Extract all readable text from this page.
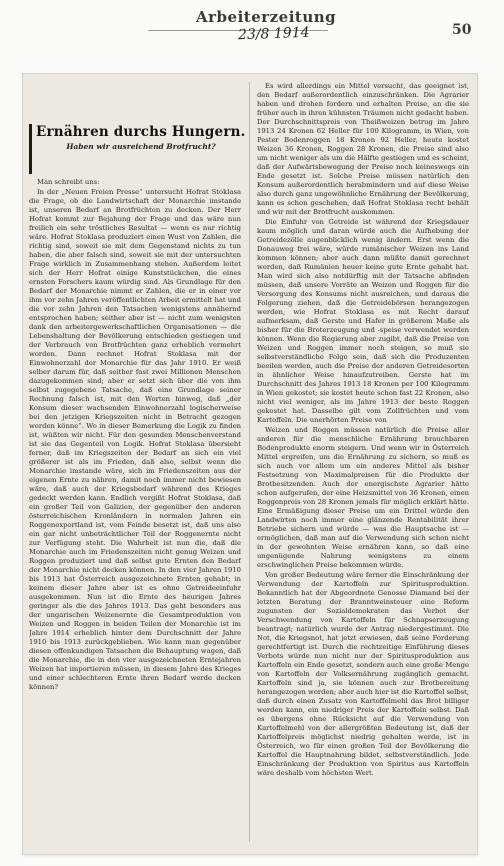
Arbeiterzeitung
23/8 1914	50
Ernähren durchs Hungern.
Haben wir ausreichend Brotfrucht?

Man schreibt uns:

In der „Neuen Freien Presse“ untersucht Hofrat Stoklasa die Frage, ob die Landwirtschaft der Monarchie imstande ist, unseren Bedarf an Brotfrüchten zu decken. Der Herr Hofrat kommt zur Bejahung der Frage und das wäre nun freilich ein sehr tröstliches Resultat — wenn es nur richtig wäre. Hofrat Stoklasa produziert einen Wust von Zahlen, die richtig sind, soweit sie mit dem Gegenstand nichts zu tun haben, die aber falsch sind, soweit sie mit der untersuchten Frage wirklich in Zusammenhang stehen. Außerdem leitet sich der Herr Hofrat einige Kunststückchen, die eines ernsten Forschers kaum würdig sind. Als Grundlage für den Bedarf der Monarchie nimmt er Zahlen, die er in einer vor ihm vor zehn Jahren veröffentlichten Arbeit ermittelt hat und die vor zehn Jahren den Tatsachen wenigstens annähernd entsprochen haben; seither aber ist — nicht zum wenigsten dank den arbeitergewerkschaftlichen Organisationen — die Lebenshaltung der Bevölkerung entschieden gestiegen und der Verbrauch von Brotfrüchten ganz erheblich vermehrt worden. Dann rechnet Hofrat Stoklasa mit der Einwohnerzahl der Monarchie für das Jahr 1910. Er weiß selber darum für, daß seither fast zwei Millionen Menschen dazugekommen sind; aber er setzt sich über die von ihm selbst zugegebene Tatsache, daß eine Grundlage seiner Rechnung falsch ist, mit den Worten hinweg, daß „der Konsum dieser wachsenden Einwohnerzahl logischerweise bei den jetzigen Kriegszeiten nicht in Betracht gezogen werden könne“. Wo in dieser Bemerkung die Logik zu finden ist, wüßten wir nicht. Für den gesunden Menschenverstand ist sie das Gegenteil von Logik. Hofrat Stoklasa übersieht ferner, daß im Kriegszeiten der Bedarf an sich ein viel größerer ist als im Frieden, daß also, selbst wenn die Monarchie imstande wäre, sich im Friedenszeiten aus der eigenen Ernte zu nähren, damit noch immer nicht bewiesen wäre, daß auch der Kriegsbedarf während des Krieges gedeckt werden kann. Endlich vergißt Hofrat Stoklasa, daß ein großer Teil von Galizien, der gegenüber den anderen österreichischen Kronländern in normalen Jahren ein Roggenexportland ist, vom Feinde besetzt ist, daß uns also ein gar nicht unbeträchtlicher Teil der Roggenernte nicht zur Verfügung steht. Die Wahrheit ist nun die, daß die Monarchie auch im Friedenszeiten nicht genug Weizen und Roggen produziert und daß selbst gute Ernten den Bedarf der Monarchie nicht decken können. In den vier Jahren 1910 bis 1913 hat Österreich ausgezeichnete Ernten gehabt; in keinem dieser Jahre aber ist es ohne Getreideeinfuhr ausgekommen. Nun ist die Ernte des heurigen Jahres geringer als die des Jahres 1913. Das geht besonders aus der ungarischen Weizenernte die Gesamtproduktion von Weizen und Roggen in beiden Teilen der Monarchie ist im Jahre 1914 erheblich hinter dem Durchschnitt der Jahre 1910 bis 1913 zurückgeblieben. Wie kann man gegenüber diesen offenkundigen Tatsachen die Behauptung wagen, daß die Monarchie, die in den vier ausgezeichneten Erntejahren Weizen hat importieren müssen, in diesem Jahre des Krieges und einer schlechteren Ernte ihren Bedarf werde decken können?

Es wird allerdings ein Mittel versucht, das geeignet ist, den Bedarf außerordentlich einzuschränken. Die Agrarier haben und drohen fordern und erhalten Preise, an die sie früher auch in ihren kühnsten Träumen nicht gedacht haben. Der Durchschnittspreis von Theißweizen betrug im Jahre 1913 24 Kronen 62 Heller für 100 Kilogramm, in Wien, von Pester Bodenroggen 18 Kronen 92 Heller, heute kostet Weizen 36 Kronen, Roggen 28 Kronen, die Preise sind also um nicht weniger als um die Hälfte gestiegen und es scheint, daß der Aufwärtsbewegung der Preise noch keineswegs ein Ende gesetzt ist. Solche Preise müssen natürlich den Konsum außerordentlich herabmindern und auf diese Weise also durch ganz ungewöhnliche Ernährung der Bevölkerung, kann es schon geschehen, daß Hofrat Stoklasa recht behält und wir mit der Brotfrucht auskommen.

Die Einfuhr von Getreide ist während der Kriegsdauer kaum möglich und daran würde auch die Aufhebung der Getreidezölle augenblicklich wenig ändern. Erst wenn die Donauweg frei wäre, würde rumänischer Weizen ins Land kommen können; aber auch dann müßte damit gerechnet werden, daß Rumänien heuer keine gute Ernte gehabt hat. Man wird sich also notdürftig mit der Tatsache abfinden müssen, daß unsere Vorräte an Weizen und Roggen für die Versorgung des Konsums nicht ausreichen, und daraus die Folgerung ziehen, daß die Getreidebörsen herangezogen werden, wie Hofrat Stoklasa es mit Recht darauf aufmerksam, daß Gerste und Hafer in größerem Maße als bisher für die Broterzeugung und -speise verwendet werden können. Wenn die Regierung aber zugibt, daß die Preise von Weizen und Roggen immer noch steigen, so muß sie selbstverständliche Folge sein, daß sich die Produzenten beeilen werden, auch die Preise der anderen Getreidesorten in ähnlicher Weise hinaufzutreiben. Gerste hat im Durchschnitt des Jahres 1913 18 Kronen per 100 Kilogramm in Wien gekostet; sie kostet heute schon fast 22 Kronen, also nicht viel weniger, als im Jahre 1913 der beste Roggen gekostet hat. Dasselbe gilt vom Zollfrüchten und vom Kartoffeln. Die unerhörten Preise von

Weizen und Roggen müssen natürlich die Preise aller anderen für die menschliche Ernährung brauchbaren Bodenprodukte enorm steigern. Und wenn wir in Österreich Mittel ergreifen, um die Ernährung zu sichern, so muß es sich auch vor allem um ein anderes Mittel als bisher Festsetzung von Maximalpreisen für die Produkte der Brotbesitzenden. Auch der energischste Agrarier hätte schon aufgerufen, der eine Heizsmittel von 36 Kronen, einen Roggenpreis von 28 Kronen jemals für möglich erklärt hätte. Eine Ermäßigung dieser Preise um ein Drittel würde den Landwirten noch immer eine glänzende Rentabilität ihrer Betriebe sichern und würde — was die Hauptsache ist — ermöglichen, daß man auf die Verwendung sich schon nicht in der gewohnten Weise ernähren kann, so daß eine ungenügende Nahrung wenigstens zu einem erschwinglichen Preise bekommen würde.

Von großer Bedeutung wäre ferner die Einschränkung der Verwendung der Kartoffeln zur Spiritusproduktion. Bekanntlich hat der Abgeordnete Genosse Diamand bei der letzten Beratung der Branntweinsteuer eine Reform zugunsten der Sozialdemokraten das Verbot der Verschwendung von Kartoffeln für Schnapserzeugung beantragt; natürlich wurde der Antrag niedergestimmt. Die Not, die Kriegsnot, hat jetzt erwiesen, daß seine Forderung gerechtfertigt ist. Durch die rechtzeitige Einführung dieses Verbots würde nun nicht nur der Spiritusproduktion aus Kartoffeln ein Ende gesetzt, sondern auch eine große Menge von Kartoffeln der Volksernährung zugänglich gemacht. Kartoffeln sind ja, sie können auch zur Brotbereitung herangezogen werden; aber auch hier ist die Kartoffel selbst, daß durch einen Zusatz von Kartoffelmehl das Brot billiger werden kann, ein niedriger Preis der Kartoffeln selbst. Daß es übergens ohne Rücksicht auf die Verwendung von Kartoffelmehl von der allergrößten Bedeutung ist, daß der Kartoffelpreis möglichst niedrig gehalten werde, ist in Österreich, wo für einen großen Teil der Bevölkerung die Kartoffel die Hauptnahrung bildet, selbstverständlich. Jede Einschränkung der Produktion von Spiritus aus Kartoffeln wäre deshalb vom höchsten Wert.
